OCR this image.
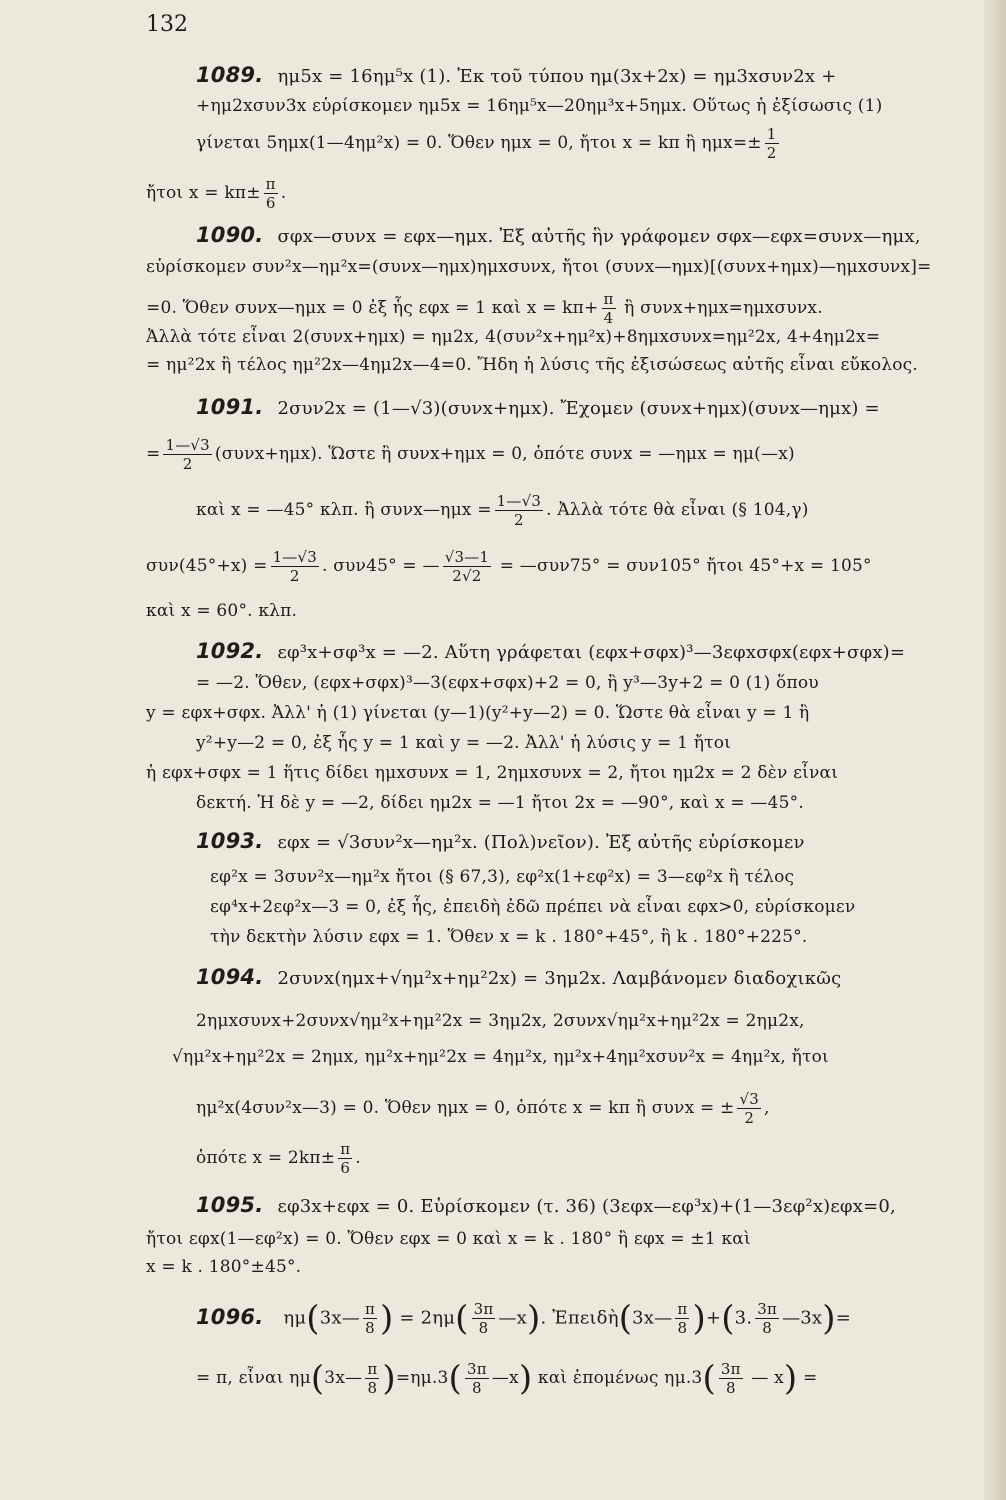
132
1089. ημ5x = 16ημ⁵x (1). Ἐκ τοῦ τύπου ημ(3x+2x) = ημ3xσυν2x +
+ημ2xσυν3x εὑρίσκομεν ημ5x = 16ημ⁵x—20ημ³x+5ημx. Οὕτως ἡ ἐξίσωσις (1)
γίνεται 5ημx(1—4ημ²x) = 0. Ὅθεν ημx = 0, ἤτοι x = kπ ἢ $\eta\mu x=\pm \frac{1}{2}$
ἤτοι $x = k\pi\pm \frac{\pi}{6}$ .
1090. σφx—συνx = εφx—ημx. Ἐξ αὐτῆς ἣν γράφομεν σφx—εφx=συνx—ημx,
εὑρίσκομεν συν²x—ημ²x=(συνx—ημx)ημxσυνx, ἤτοι (συνx—ημx)[(συνx+ημx)—ημxσυνx]=
=0. Ὅθεν συνx—ημx = 0 ἐξ ἧς εφx = 1 καὶ $x = k\pi+ \frac{\pi}{4}$ ἢ συνx+ημx=ημxσυνx.
Ἀλλὰ τότε εἶναι 2(συνx+ημx) = ημ2x, 4(συν²x+ημ²x)+8ημxσυνx=ημ²2x, 4+4ημ2x=
= ημ²2x ἢ τέλος ημ²2x—4ημ2x—4=0. Ἤδη ἡ λύσις τῆς ἐξισώσεως αὐτῆς εἶναι εὔκολος.
1091. 2συν2x = (1—√3)(συνx+ημx). Ἔχομεν (συνx+ημx)(συνx—ημx) =
= $\frac{1—√3}{2} (\sigma\upsilon\nu x+\eta\mu x)$. Ὥστε ἢ συνx+ημx = 0, ὁπότε συνx = —ημx = ημ(—x)
καὶ x = —45° κλπ. ἢ συνx—ημx = $\frac{1—√3}{2}$ . Ἀλλὰ τότε θὰ εἶναι (§ 104,γ)
$\sigma\upsilon\nu(45^\circ+x) = \frac{1—√3}{2}$ . συν45° = — $\frac{√3—1}{2√2}$ = —συν75° = συν105° ἤτοι 45°+x = 105°
καὶ x = 60°. κλπ.
1092. εφ³x+σφ³x = —2. Αὕτη γράφεται (εφx+σφx)³—3εφxσφx(εφx+σφx)=
= —2. Ὅθεν, (εφx+σφx)³—3(εφx+σφx)+2 = 0, ἢ y³—3y+2 = 0 (1) ὅπου
y = εφx+σφx. Ἀλλ' ἡ (1) γίνεται (y—1)(y²+y—2) = 0. Ὥστε θὰ εἶναι y = 1 ἢ
y²+y—2 = 0, ἐξ ἧς y = 1 καὶ y = —2. Ἀλλ' ἡ λύσις y = 1 ἤτοι
ἡ εφx+σφx = 1 ἥτις δίδει ημxσυνx = 1, 2ημxσυνx = 2, ἤτοι ημ2x = 2 δὲν εἶναι
δεκτή. Ἡ δὲ y = —2, δίδει ημ2x = —1 ἤτοι 2x = —90°, καὶ x = —45°.
1093. εφx = √3συν²x—ημ²x. (Πολ)νεῖον). Ἐξ αὐτῆς εὑρίσκομεν
εφ²x = 3συν²x—ημ²x ἤτοι (§ 67,3), εφ²x(1+εφ²x) = 3—εφ²x ἢ τέλος
εφ⁴x+2εφ²x—3 = 0, ἐξ ἧς, ἐπειδὴ ἐδῶ πρέπει νὰ εἶναι εφx>0, εὑρίσκομεν
τὴν δεκτὴν λύσιν εφx = 1. Ὅθεν x = k . 180°+45°, ἢ k . 180°+225°.
1094. 2συνx(ημx+√ημ²x+ημ²2x) = 3ημ2x. Λαμβάνομεν διαδοχικῶς
2ημxσυνx+2συνx√ημ²x+ημ²2x = 3ημ2x, 2συνx√ημ²x+ημ²2x = 2ημ2x,
√ημ²x+ημ²2x = 2ημx, ημ²x+ημ²2x = 4ημ²x, ημ²x+4ημ²xσυν²x = 4ημ²x, ἤτοι
ημ²x(4συν²x—3) = 0. Ὅθεν ημx = 0, ὁπότε x = kπ ἢ συνx = ± $\frac{√3}{2}$ ,
ὁπότε $x = 2k\pi\pm \frac{\pi}{6}$ .
1095. εφ3x+εφx = 0. Εὑρίσκομεν (τ. 36) (3εφx—εφ³x)+(1—3εφ²x)εφx=0,
ἤτοι εφx(1—εφ²x) = 0. Ὅθεν εφx = 0 καὶ x = k . 180° ἢ εφx = ±1 καὶ
x = k . 180°±45°.
1096. ημ(3x— $\frac{\pi}{8}$ ) = $2\eta\mu( \frac{3\pi}{8}$ —x). Ἐπειδὴ(3x— $\frac{\pi}{8} )+(3$. $\frac{3\pi}{8}$ —3x)=
= π, εἶναι ημ(3x— $\frac{\pi}{8} )=\eta\mu.3( \frac{3\pi}{8}$ —x) καὶ ἑπομένως $\eta\mu.3( \frac{3\pi}{8}$ — x) =
